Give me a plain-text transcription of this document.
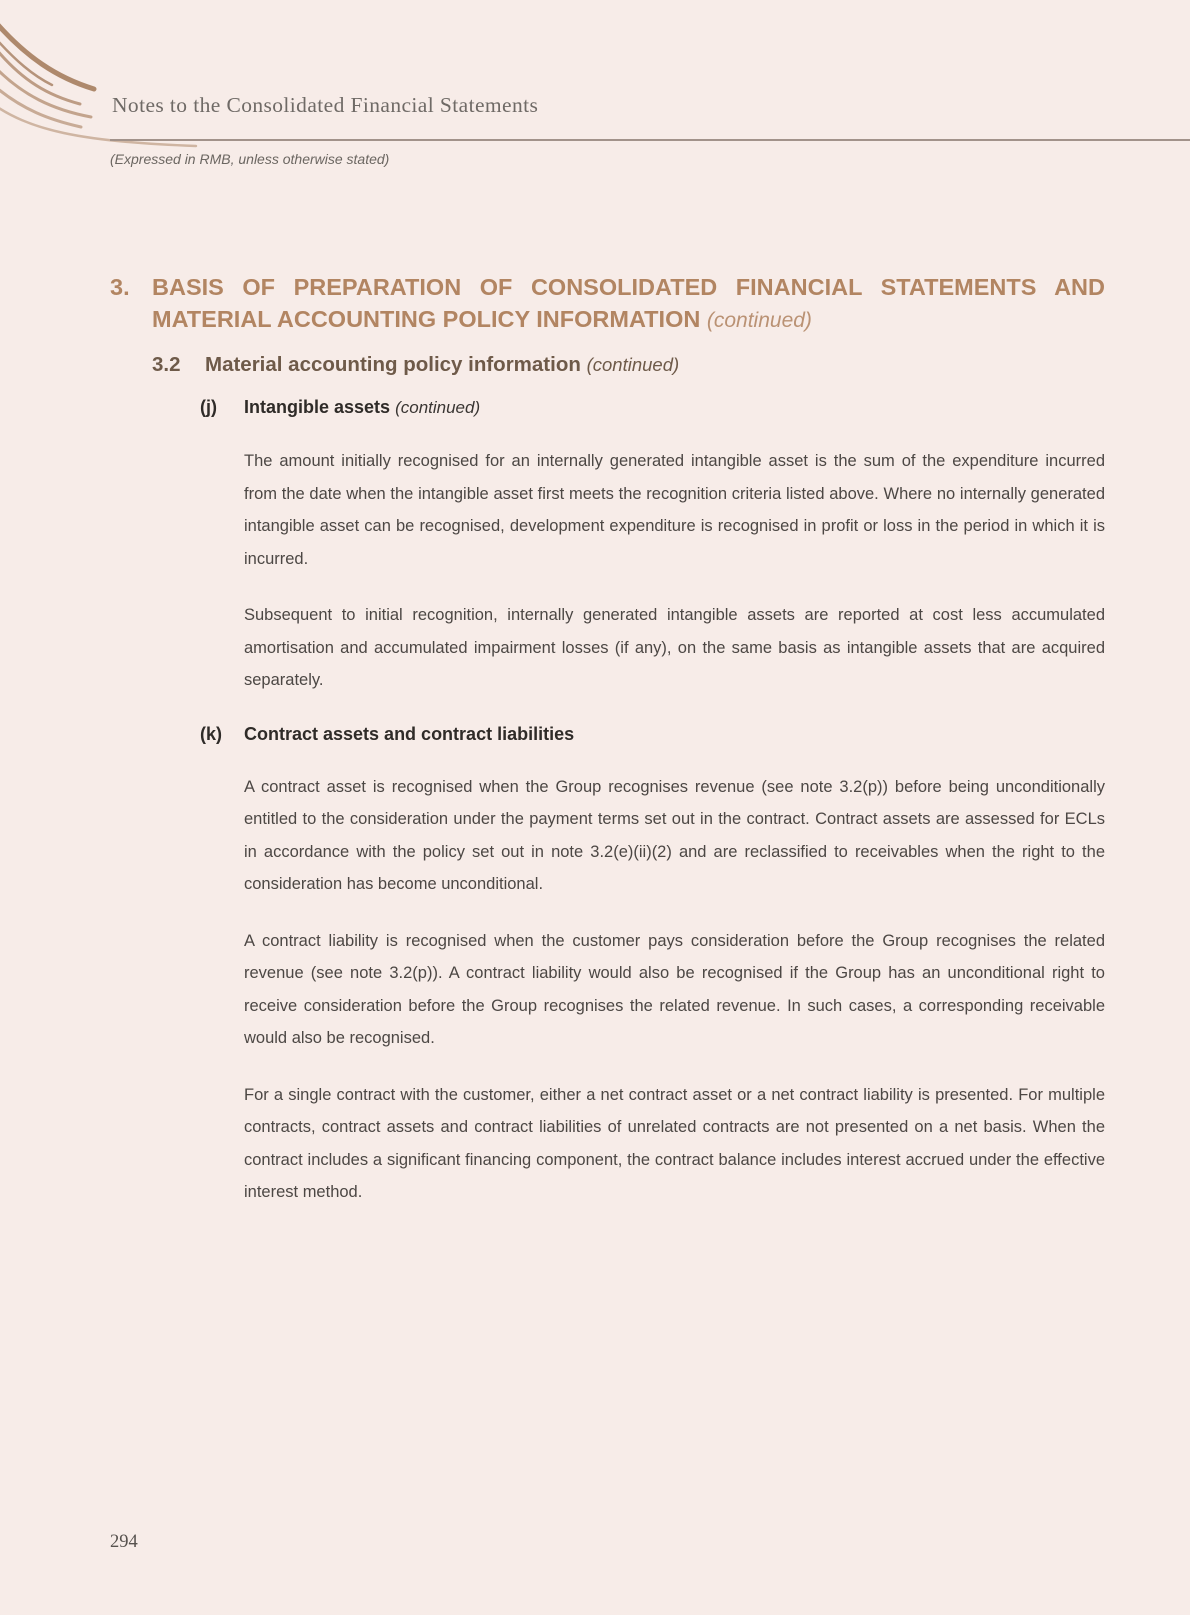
Notes to the Consolidated Financial Statements
(Expressed in RMB, unless otherwise stated)
3. BASIS OF PREPARATION OF CONSOLIDATED FINANCIAL STATEMENTS AND MATERIAL ACCOUNTING POLICY INFORMATION (continued)
3.2	Material accounting policy information (continued)
(j)	Intangible assets (continued)

The amount initially recognised for an internally generated intangible asset is the sum of the expenditure incurred from the date when the intangible asset first meets the recognition criteria listed above. Where no internally generated intangible asset can be recognised, development expenditure is recognised in profit or loss in the period in which it is incurred.

Subsequent to initial recognition, internally generated intangible assets are reported at cost less accumulated amortisation and accumulated impairment losses (if any), on the same basis as intangible assets that are acquired separately.

(k)	Contract assets and contract liabilities

A contract asset is recognised when the Group recognises revenue (see note 3.2(p)) before being unconditionally entitled to the consideration under the payment terms set out in the contract. Contract assets are assessed for ECLs in accordance with the policy set out in note 3.2(e)(ii)(2) and are reclassified to receivables when the right to the consideration has become unconditional.

A contract liability is recognised when the customer pays consideration before the Group recognises the related revenue (see note 3.2(p)). A contract liability would also be recognised if the Group has an unconditional right to receive consideration before the Group recognises the related revenue. In such cases, a corresponding receivable would also be recognised.

For a single contract with the customer, either a net contract asset or a net contract liability is presented. For multiple contracts, contract assets and contract liabilities of unrelated contracts are not presented on a net basis. When the contract includes a significant financing component, the contract balance includes interest accrued under the effective interest method.

294
